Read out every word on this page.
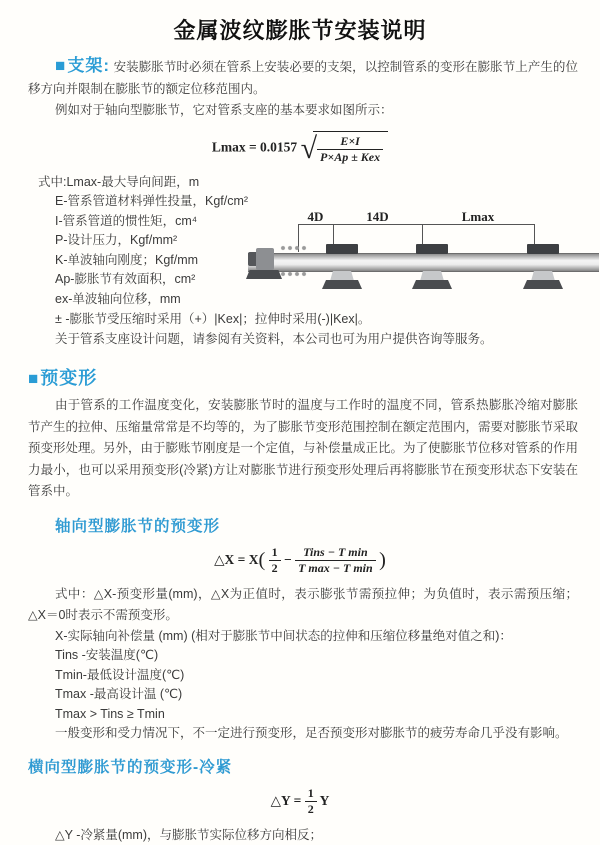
金属波纹膨胀节安装说明

■支架: 安装膨胀节时必须在管系上安装必要的支架，以控制管系的变形在膨胀节上产生的位移方向并限制在膨胀节的额定位移范围内。

例如对于轴向型膨胀节，它对管系支座的基本要求如图所示：

Lmax = 0.0157 √ $\frac{E\times I}{\text{P×Ap ± Kex}}$
式中:Lmax-最大导向间距，m
E-管系管道材料弹性投量，Kgf/cm²
I-管系管道的惯性矩，cm⁴
P-设计压力，Kgf/mm²
K-单波轴向刚度；Kgf/mm
Ap-膨胀节有效面积，cm²
ex-单波轴向位移，mm
± -膨胀节受压缩时采用（+）|Kex|；拉伸时采用(-)|Kex|。
关于管系支座设计问题，请参阅有关资料，本公司也可为用户提供咨询等服务。
4D	14D	Lmax
■预变形

由于管系的工作温度变化，安装膨胀节时的温度与工作时的温度不同，管系热膨胀冷缩对膨胀节产生的拉伸、压缩量常常是不均等的，为了膨胀节变形范围控制在额定范围内，需要对膨胀节采取预变形处理。另外，由于膨账节刚度是一个定值，与补偿量成正比。为了使膨胀节位移对管系的作用力最小，也可以采用预变形(冷紧)方让对膨胀节进行预变形处理后再将膨胀节在预变形状态下安装在管系中。

轴向型膨胀节的预变形
△X = $X( \frac{1}{2} - \frac{\text{Tins − T min}}{\text{T max − T min}}$ )

式中：△X-预变形量(mm)，△X为正值时，表示膨张节需预拉伸；为负值时，表示需预压缩；△X＝0时表示不需预变形。

X-实际轴向补偿量 (mm) (相对于膨胀节中间状态的拉伸和压缩位移量绝对值之和)：
Tins -安装温度(℃)
Tmin-最低设计温度(℃)
Tmax -最高设计温 (℃)
Tmax > Tins ≥ Tmin
一般变形和受力情况下，不一定进行预变形，足否预变形对膨胀节的疲劳寿命几乎没有影响。
横向型膨胀节的预变形-冷紧
△Y = $\frac{1}{2}$ Y
△Y -冷紧量(mm)，与膨胀节实际位移方向相反；
